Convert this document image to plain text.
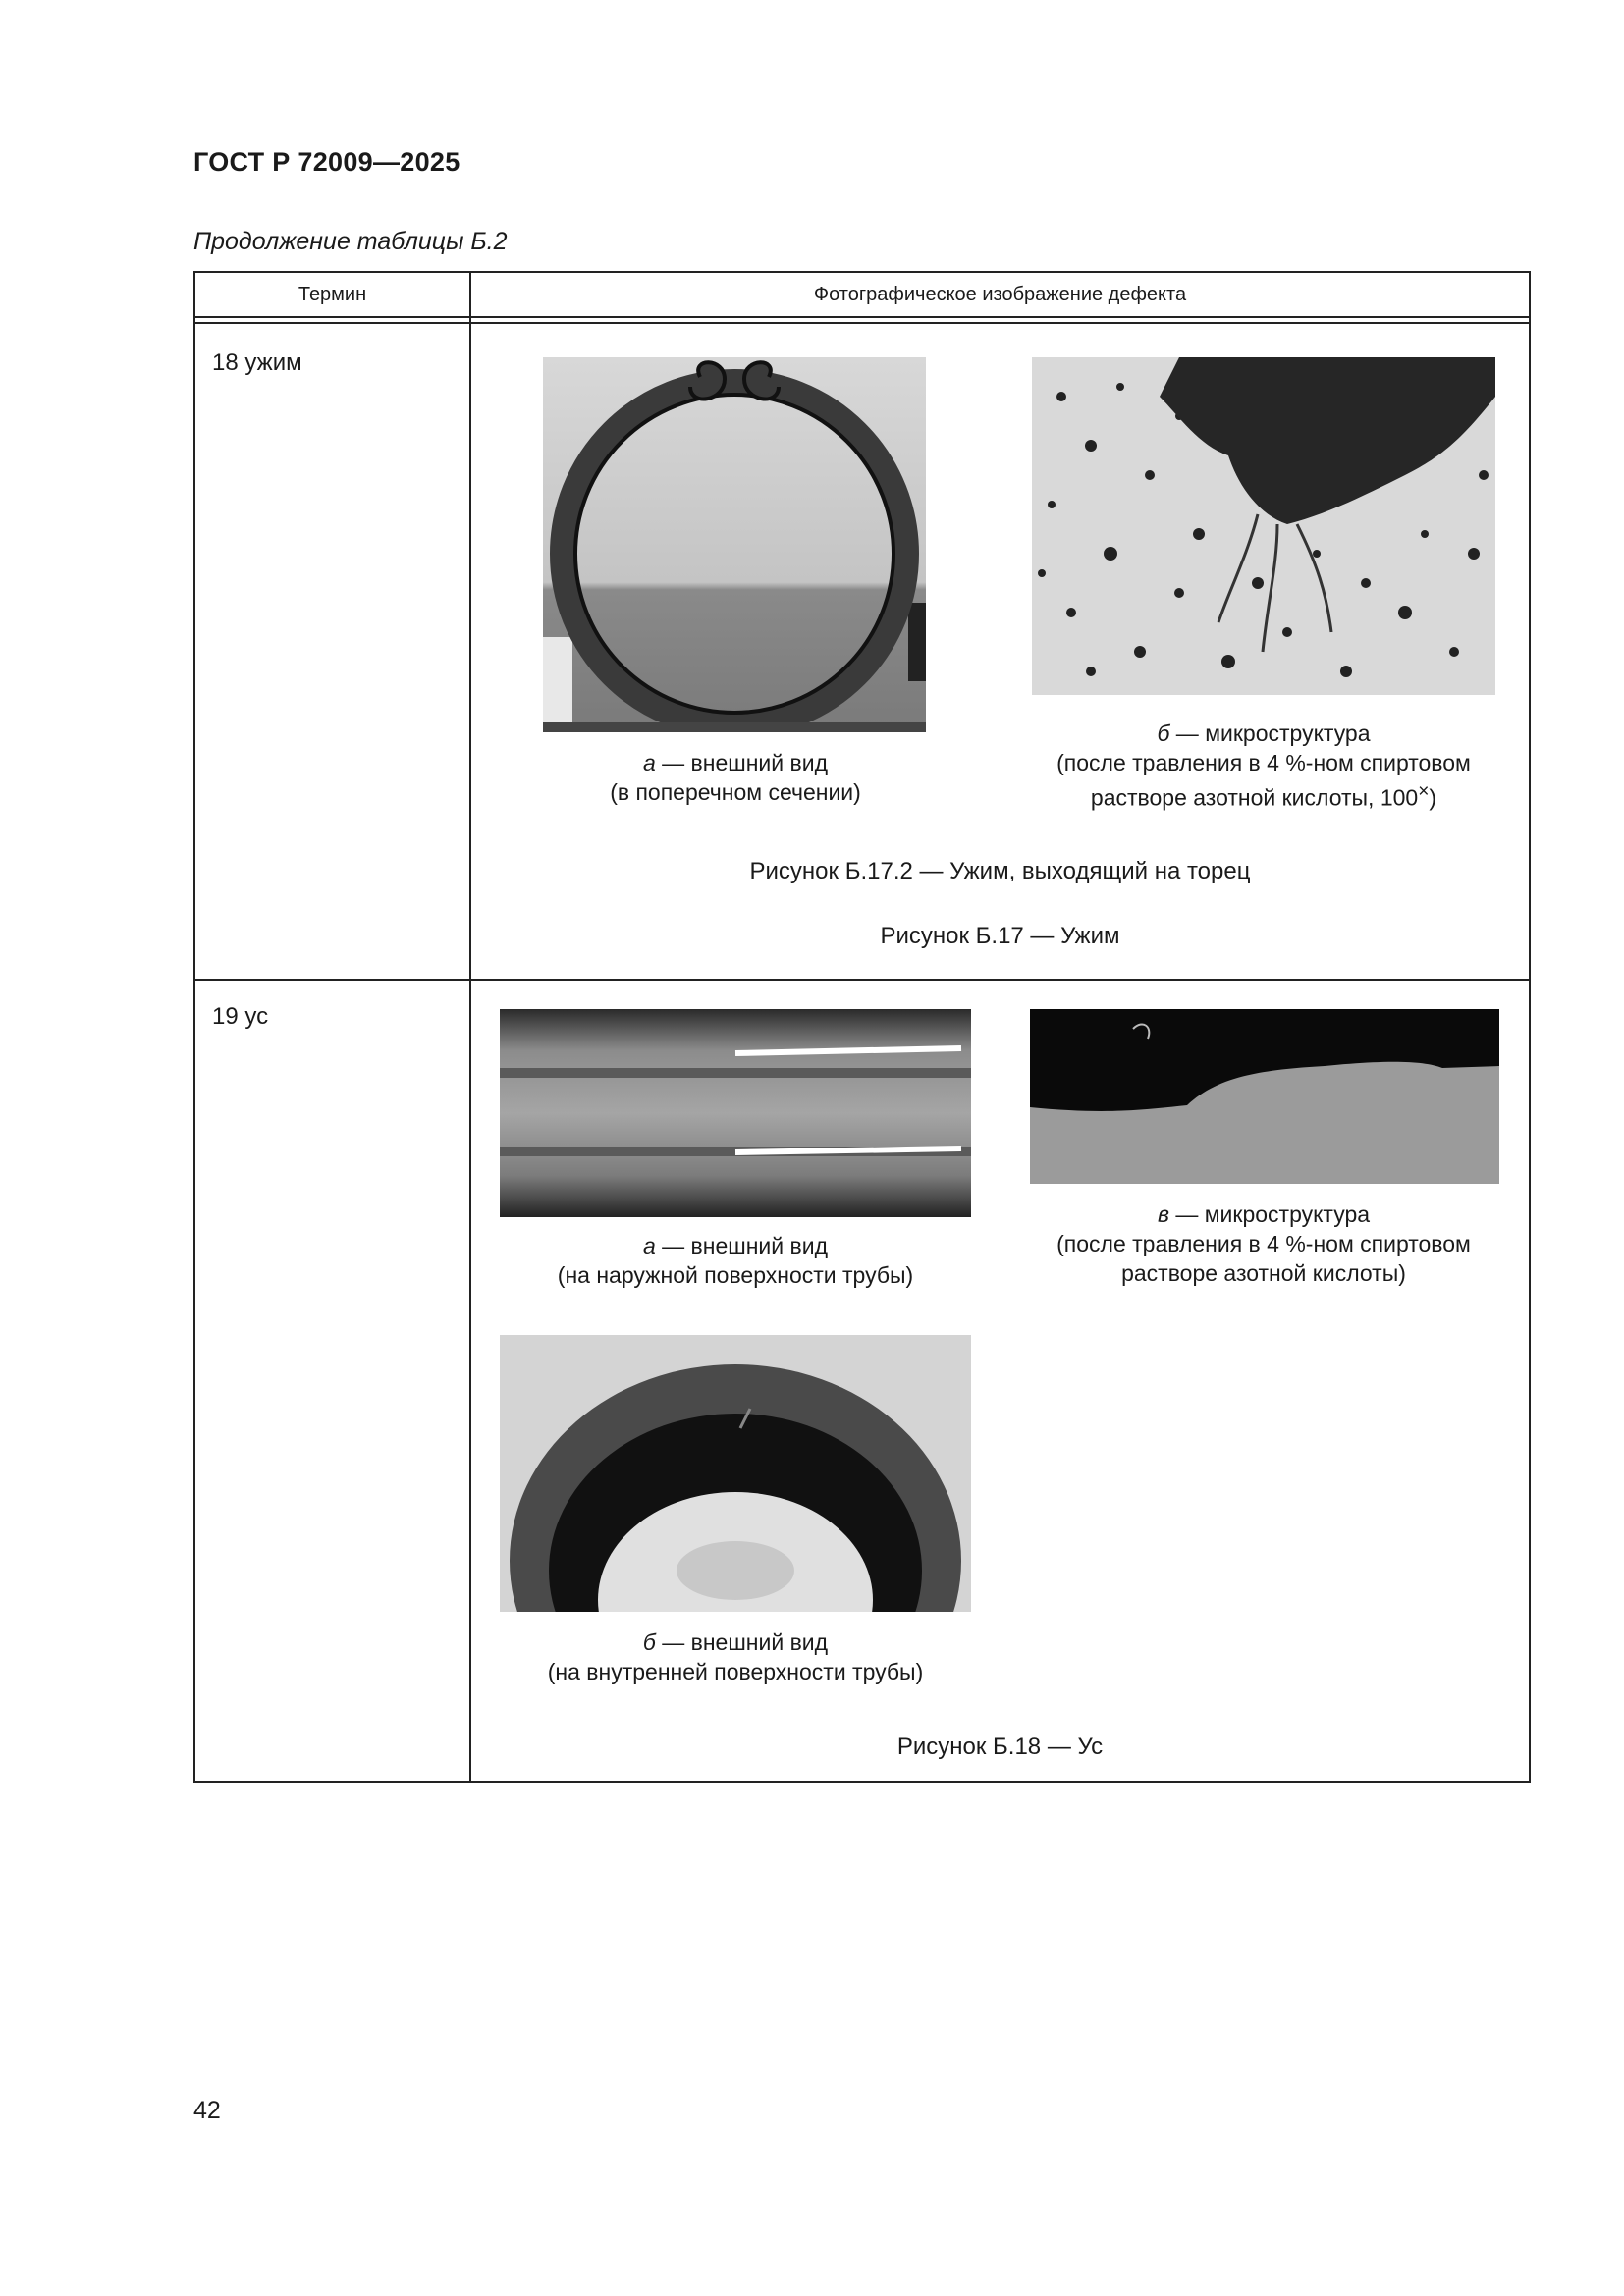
ГОСТ Р 72009—2025
Продолжение таблицы Б.2
Термин	Фотографическое изображение дефекта
18 ужим
а — внешний вид
(в поперечном сечении)
б — микроструктура
(после травления в 4 %-ном спиртовом
растворе азотной кислоты, 100×)
Рисунок Б.17.2 — Ужим, выходящий на торец
Рисунок Б.17 — Ужим
19 ус
а — внешний вид
(на наружной поверхности трубы)
в — микроструктура
(после травления в 4 %-ном спиртовом
растворе азотной кислоты)
б — внешний вид
(на внутренней поверхности трубы)
Рисунок Б.18 — Ус
42
